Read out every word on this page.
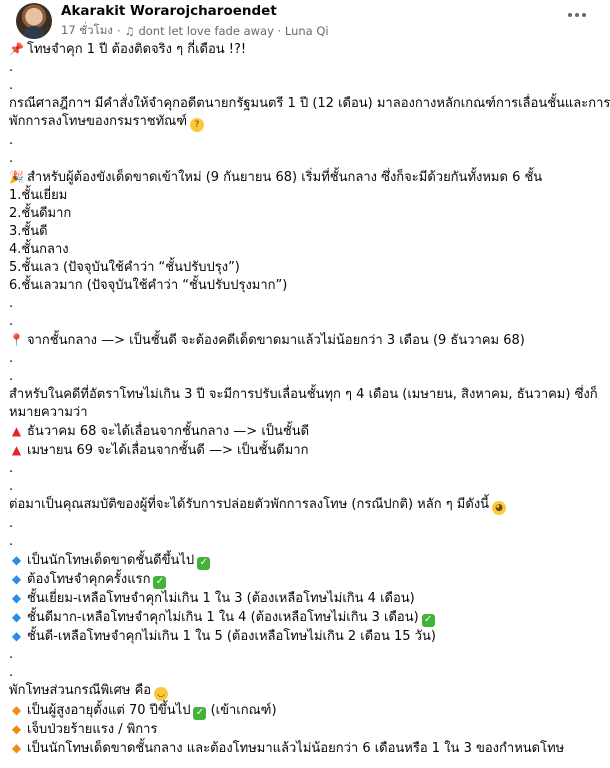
Akarakit Worarojcharoendet
17 ชั่วโมง · ♫ dont let love fade away · Luna Qi
📌 โทษจำคุก 1 ปี ต้องติดจริง ๆ กี่เดือน !?!
.
.
กรณีศาลฎีกาฯ มีคำสั่งให้จำคุกอดีตนายกรัฐมนตรี 1 ปี (12 เดือน) มาลองกางหลักเกณฑ์การเลื่อนชั้นและการ
พักการลงโทษของกรมราชทัณฑ์ ?
.
.
🎉 สำหรับผู้ต้องขังเด็ดขาดเข้าใหม่ (9 กันยายน 68) เริ่มที่ชั้นกลาง ซึ่งก็จะมีด้วยกันทั้งหมด 6 ชั้น
1.ชั้นเยี่ยม
2.ชั้นดีมาก
3.ชั้นดี
4.ชั้นกลาง
5.ชั้นเลว (ปัจจุบันใช้คำว่า “ชั้นปรับปรุง”)
6.ชั้นเลวมาก (ปัจจุบันใช้คำว่า “ชั้นปรับปรุงมาก”)
.
.
📍 จากชั้นกลาง —> เป็นชั้นดี จะต้องคดีเด็ดขาดมาแล้วไม่น้อยกว่า 3 เดือน (9 ธันวาคม 68)
.
.
สำหรับในคดีที่อัตราโทษไม่เกิน 3 ปี จะมีการปรับเลื่อนชั้นทุก ๆ 4 เดือน (เมษายน, สิงหาคม, ธันวาคม) ซึ่งก็
หมายความว่า
▲ ธันวาคม 68 จะได้เลื่อนจากชั้นกลาง —> เป็นชั้นดี
▲ เมษายน 69 จะได้เลื่อนจากชั้นดี —> เป็นชั้นดีมาก
.
.
ต่อมาเป็นคุณสมบัติของผู้ที่จะได้รับการปล่อยตัวพักการลงโทษ (กรณีปกติ) หลัก ๆ มีดังนี้ ◕
.
.
◆ เป็นนักโทษเด็ดขาดชั้นดีขึ้นไป ✓
◆ ต้องโทษจำคุกครั้งแรก ✓
◆ ชั้นเยี่ยม-เหลือโทษจำคุกไม่เกิน 1 ใน 3 (ต้องเหลือโทษไม่เกิน 4 เดือน)
◆ ชั้นดีมาก-เหลือโทษจำคุกไม่เกิน 1 ใน 4 (ต้องเหลือโทษไม่เกิน 3 เดือน) ✓
◆ ชั้นดี-เหลือโทษจำคุกไม่เกิน 1 ใน 5 (ต้องเหลือโทษไม่เกิน 2 เดือน 15 วัน)
.
.
พักโทษส่วนกรณีพิเศษ คือ ◡
◆ เป็นผู้สูงอายุตั้งแต่ 70 ปีขึ้นไป ✓ (เข้าเกณฑ์)
◆ เจ็บป่วยร้ายแรง / พิการ
◆ เป็นนักโทษเด็ดขาดชั้นกลาง และต้องโทษมาแล้วไม่น้อยกว่า 6 เดือนหรือ 1 ใน 3 ของกำหนดโทษ
